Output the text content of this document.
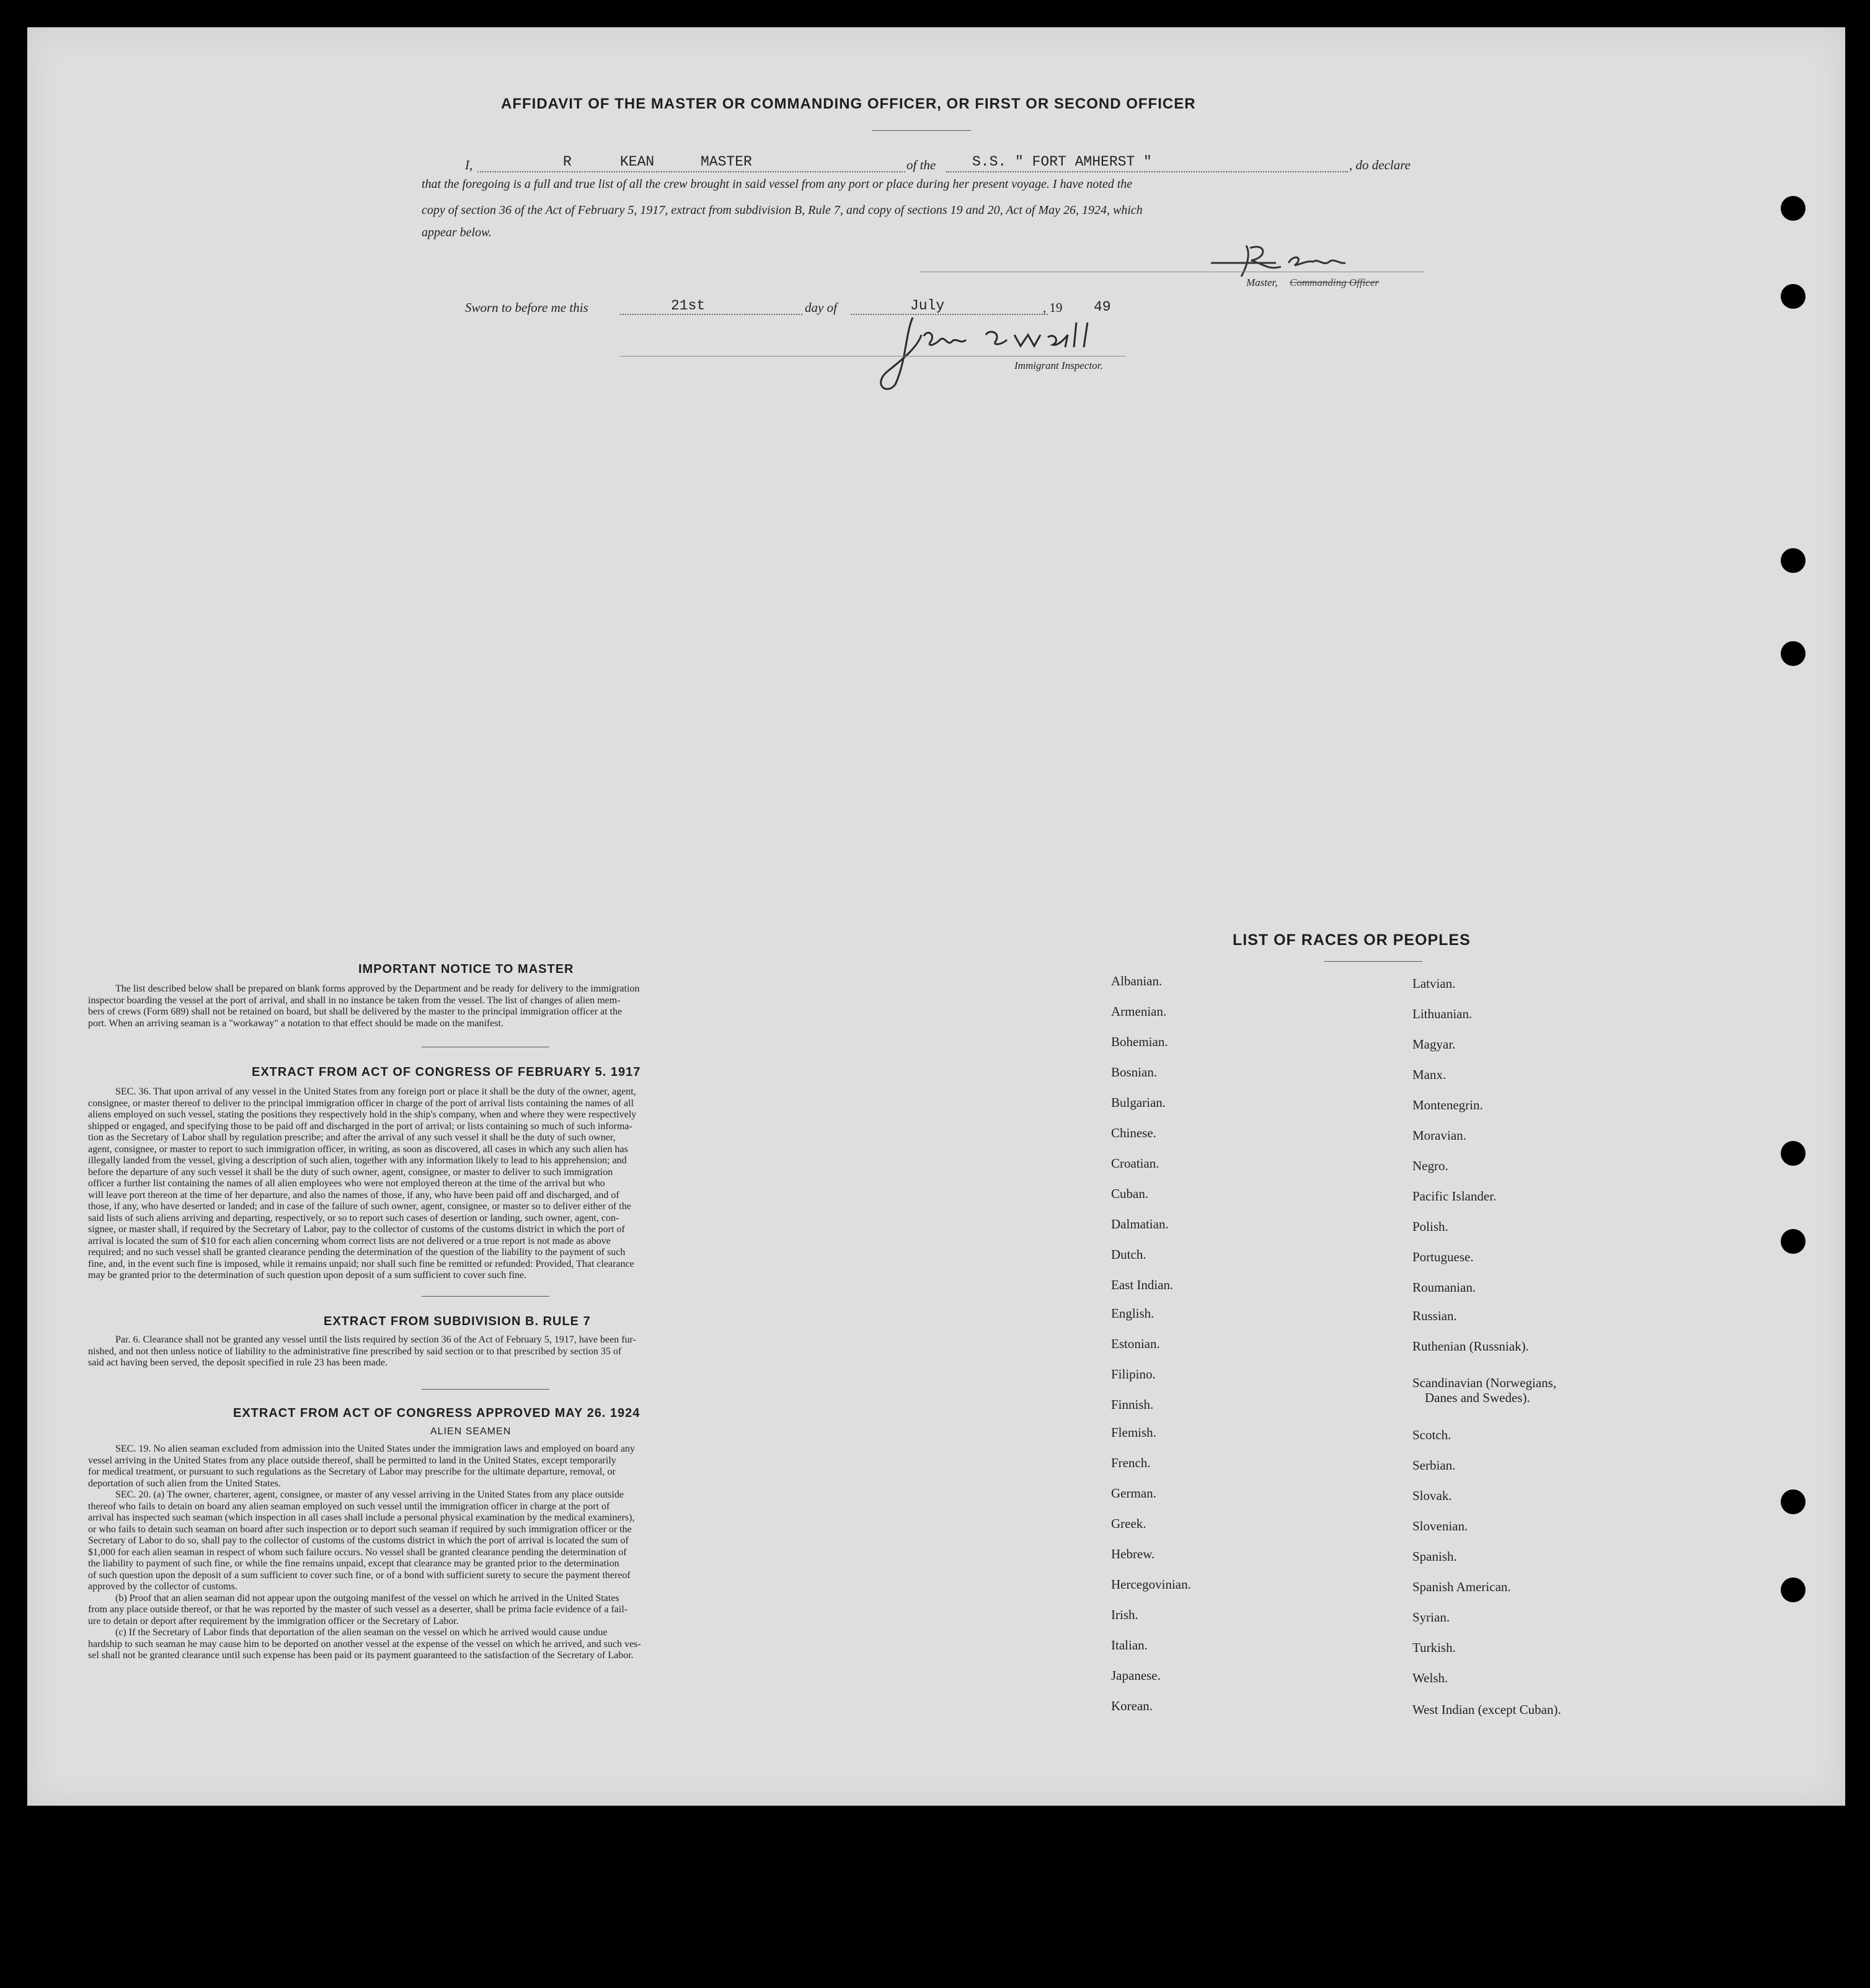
AFFIDAVIT OF THE MASTER OR COMMANDING OFFICER, OR FIRST OR SECOND OFFICER
I,	R	KEAN	MASTER	of the	S.S. " FORT AMHERST "	, do declare
that the foregoing is a full and true list of all the crew brought in said vessel from any port or place during her present voyage. I have noted the
copy of section 36 of the Act of February 5, 1917, extract from subdivision B, Rule 7, and copy of sections 19 and 20, Act of May 26, 1924, which
appear below.
Master, Commanding Officer
Sworn to before me this	21st	day of	July	, 19 49
Immigrant Inspector.
IMPORTANT NOTICE TO MASTER
The list described below shall be prepared on blank forms approved by the Department and be ready for delivery to the immigration
inspector boarding the vessel at the port of arrival, and shall in no instance be taken from the vessel. The list of changes of alien mem-
bers of crews (Form 689) shall not be retained on board, but shall be delivered by the master to the principal immigration officer at the
port. When an arriving seaman is a "workaway" a notation to that effect should be made on the manifest.
EXTRACT FROM ACT OF CONGRESS OF FEBRUARY 5. 1917
SEC. 36. That upon arrival of any vessel in the United States from any foreign port or place it shall be the duty of the owner, agent,
consignee, or master thereof to deliver to the principal immigration officer in charge of the port of arrival lists containing the names of all
aliens employed on such vessel, stating the positions they respectively hold in the ship's company, when and where they were respectively
shipped or engaged, and specifying those to be paid off and discharged in the port of arrival; or lists containing so much of such informa-
tion as the Secretary of Labor shall by regulation prescribe; and after the arrival of any such vessel it shall be the duty of such owner,
agent, consignee, or master to report to such immigration officer, in writing, as soon as discovered, all cases in which any such alien has
illegally landed from the vessel, giving a description of such alien, together with any information likely to lead to his apprehension; and
before the departure of any such vessel it shall be the duty of such owner, agent, consignee, or master to deliver to such immigration
officer a further list containing the names of all alien employees who were not employed thereon at the time of the arrival but who
will leave port thereon at the time of her departure, and also the names of those, if any, who have been paid off and discharged, and of
those, if any, who have deserted or landed; and in case of the failure of such owner, agent, consignee, or master so to deliver either of the
said lists of such aliens arriving and departing, respectively, or so to report such cases of desertion or landing, such owner, agent, con-
signee, or master shall, if required by the Secretary of Labor, pay to the collector of customs of the customs district in which the port of
arrival is located the sum of $10 for each alien concerning whom correct lists are not delivered or a true report is not made as above
required; and no such vessel shall be granted clearance pending the determination of the question of the liability to the payment of such
fine, and, in the event such fine is imposed, while it remains unpaid; nor shall such fine be remitted or refunded: Provided, That clearance
may be granted prior to the determination of such question upon deposit of a sum sufficient to cover such fine.
EXTRACT FROM SUBDIVISION B. RULE 7
Par. 6. Clearance shall not be granted any vessel until the lists required by section 36 of the Act of February 5, 1917, have been fur-
nished, and not then unless notice of liability to the administrative fine prescribed by said section or to that prescribed by section 35 of
said act having been served, the deposit specified in rule 23 has been made.
EXTRACT FROM ACT OF CONGRESS APPROVED MAY 26. 1924
ALIEN SEAMEN
SEC. 19. No alien seaman excluded from admission into the United States under the immigration laws and employed on board any
vessel arriving in the United States from any place outside thereof, shall be permitted to land in the United States, except temporarily
for medical treatment, or pursuant to such regulations as the Secretary of Labor may prescribe for the ultimate departure, removal, or
deportation of such alien from the United States.
SEC. 20. (a) The owner, charterer, agent, consignee, or master of any vessel arriving in the United States from any place outside
thereof who fails to detain on board any alien seaman employed on such vessel until the immigration officer in charge at the port of
arrival has inspected such seaman (which inspection in all cases shall include a personal physical examination by the medical examiners),
or who fails to detain such seaman on board after such inspection or to deport such seaman if required by such immigration officer or the
Secretary of Labor to do so, shall pay to the collector of customs of the customs district in which the port of arrival is located the sum of
$1,000 for each alien seaman in respect of whom such failure occurs. No vessel shall be granted clearance pending the determination of
the liability to payment of such fine, or while the fine remains unpaid, except that clearance may be granted prior to the determination
of such question upon the deposit of a sum sufficient to cover such fine, or of a bond with sufficient surety to secure the payment thereof
approved by the collector of customs.
(b) Proof that an alien seaman did not appear upon the outgoing manifest of the vessel on which he arrived in the United States
from any place outside thereof, or that he was reported by the master of such vessel as a deserter, shall be prima facie evidence of a fail-
ure to detain or deport after requirement by the immigration officer or the Secretary of Labor.
(c) If the Secretary of Labor finds that deportation of the alien seaman on the vessel on which he arrived would cause undue
hardship to such seaman he may cause him to be deported on another vessel at the expense of the vessel on which he arrived, and such ves-
sel shall not be granted clearance until such expense has been paid or its payment guaranteed to the satisfaction of the Secretary of Labor.
LIST OF RACES OR PEOPLES
Albanian.
Armenian.
Bohemian.
Bosnian.
Bulgarian.
Chinese.
Croatian.
Cuban.
Dalmatian.
Dutch.
East Indian.
English.
Estonian.
Filipino.
Finnish.
Flemish.
French.
German.
Greek.
Hebrew.
Hercegovinian.
Irish.
Italian.
Japanese.
Korean.
Latvian.
Lithuanian.
Magyar.
Manx.
Montenegrin.
Moravian.
Negro.
Pacific Islander.
Polish.
Portuguese.
Roumanian.
Russian.
Ruthenian (Russniak).
Scandinavian (Norwegians,
Danes and Swedes).
Scotch.
Serbian.
Slovak.
Slovenian.
Spanish.
Spanish American.
Syrian.
Turkish.
Welsh.
West Indian (except Cuban).
